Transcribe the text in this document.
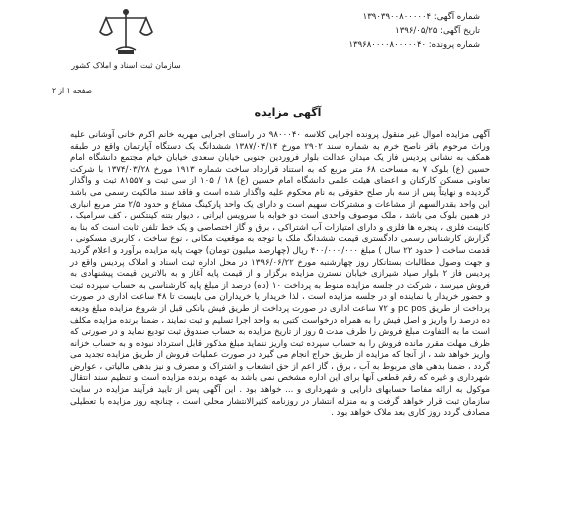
شماره آگهی: ۱۳۹۰۳۹۰۰۸۰۰۰۰۰۴
تاریخ آگهی: ۱۳۹۶/۰۵/۲۵
شماره پرونده: ۱۳۹۶۸۰۰۰۰۸۰۰۰۰۰۴۰
سازمان ثبت اسناد و املاک کشور
صفحه ۱ از ۲
آگهی مزایده
آگهی مزایده اموال غیر منقول پرونده اجرایی کلاسه ۹۸۰۰۰۴۰ در راستای اجرایی مهریه خانم اکرم خانی آوشانی علیه وراث مرحوم باقر ناصح خرم به شماره سند ۲۹۰۲ مورخ ۱۳۸۷/۰۴/۱۴ ششدانگ یک دستگاه آپارتمان واقع در طبقه همکف به نشانی پردیس فاز یک میدان عدالت بلوار فروردین جنوبی خیابان سعدی خیابان خیام مجتمع دانشگاه امام حسین (ع) بلوک ۷ به مساحت ۶۸ متر مربع که به استناد قرارداد ساخت شماره ۱۹۱۳ مورخ ۱۳۷۴/۰۳/۲۸ با شرکت تعاونی مسکن کارکنان و اعضای هیئت علمی دانشگاه امام حسین (ع) ۱۸ / ۱۰۵ از سی ثبت و ۸۱۵۵۷ ثبت و واگذار گردیده و نهایتاً پس از سه بار صلح حقوقی به نام محکوم علیه واگذار شده است و فاقد سند مالکیت رسمی می باشد این واحد بقدرالسهم از مشاعات و مشترکات سهیم است و دارای یک واحد پارکینگ مشاع و حدود ۲/۵ متر مربع انباری در همین بلوک می باشد ، ملک موصوف واحدی است دو خوابه با سرویس ایرانی ، دیوار بتنه کینتکس ، کف سرامیک ، کابینت فلزی ، پنجره ها فلزی و دارای امتیازات آب اشتراکی ، برق و گاز اختصاصی و یک خط تلفن ثابت است که بنا به گزارش کارشناس رسمی دادگستری قیمت ششدانگ ملک با توجه به موقعیت مکانی ، نوع ساخت ، کاربری مسکونی ، قدمت ساخت ( حدود ۲۲ سال ) مبلغ ۴۰۰/۰۰۰/۰۰۰ ریال (چهارصد میلیون تومان) جهت پایه مزایده برآورد و اعلام گردید و جهت وصول مطالبات بستانکار روز چهارشنبه مورخ ۱۳۹۶/۰۶/۲۲ در محل اداره ثبت اسناد و املاک پردیس واقع در پردیس فاز ۲ بلوار صیاد شیرازی خیابان نسترن مزایده برگزار و از قیمت پایه آغاز و به بالاترین قیمت پیشنهادی به فروش میرسد ، شرکت در جلسه مزایده منوط به پرداخت ۱۰ (ده) درصد از مبلغ پایه کارشناسی به حساب سپرده ثبت و حضور خریدار یا نماینده او در جلسه مزایده است ، لذا خریدار یا خریداران می بایست تا ۴۸ ساعت اداری در صورت پرداخت از طریق pc pos و ۷۲ ساعت اداری در صورت پرداخت از طریق فیش بانکی قبل از شروع مزایده مبلغ ودیعه ده درصد را واریز و اصل فیش را به همراه درخواست کتبی به واحد اجرا تسلیم و ثبت نمایند ، ضمنا برنده مزایده مکلف است ما به التفاوت مبلغ فروش را ظرف مدت ۵ روز از تاریخ مزایده به حساب صندوق ثبت تودیع نماید و در صورتی که ظرف مهلت مقرر مانده فروش را به حساب سپرده ثبت واریز ننماید مبلغ مذکور قابل استرداد نبوده و به حساب خزانه واریز خواهد شد ، از آنجا که مزایده از طریق حراج انجام می گیرد در صورت عملیات فروش از طریق مزایده تجدید می گردد ، ضمنا بدهی های مربوط به آب ، برق ، گاز اعم از حق انشعاب و اشتراک و مصرف و نیز بدهی مالیاتی ، عوارض شهرداری و غیره که رقم قطعی آنها برای این اداره مشخص نمی باشد به عهده برنده مزایده است و تنظیم سند انتقال موکول به ارائه مفاصا حسابهای دارایی و شهرداری و ... خواهد بود . این آگهی پس از تایید فرآیند مزایده در سایت سازمان ثبت قرار خواهد گرفت و به منزله انتشار در روزنامه کثیرالانتشار محلی است ، چنانچه روز مزایده با تعطیلی مصادف گردد روز کاری بعد ملاک خواهد بود .
